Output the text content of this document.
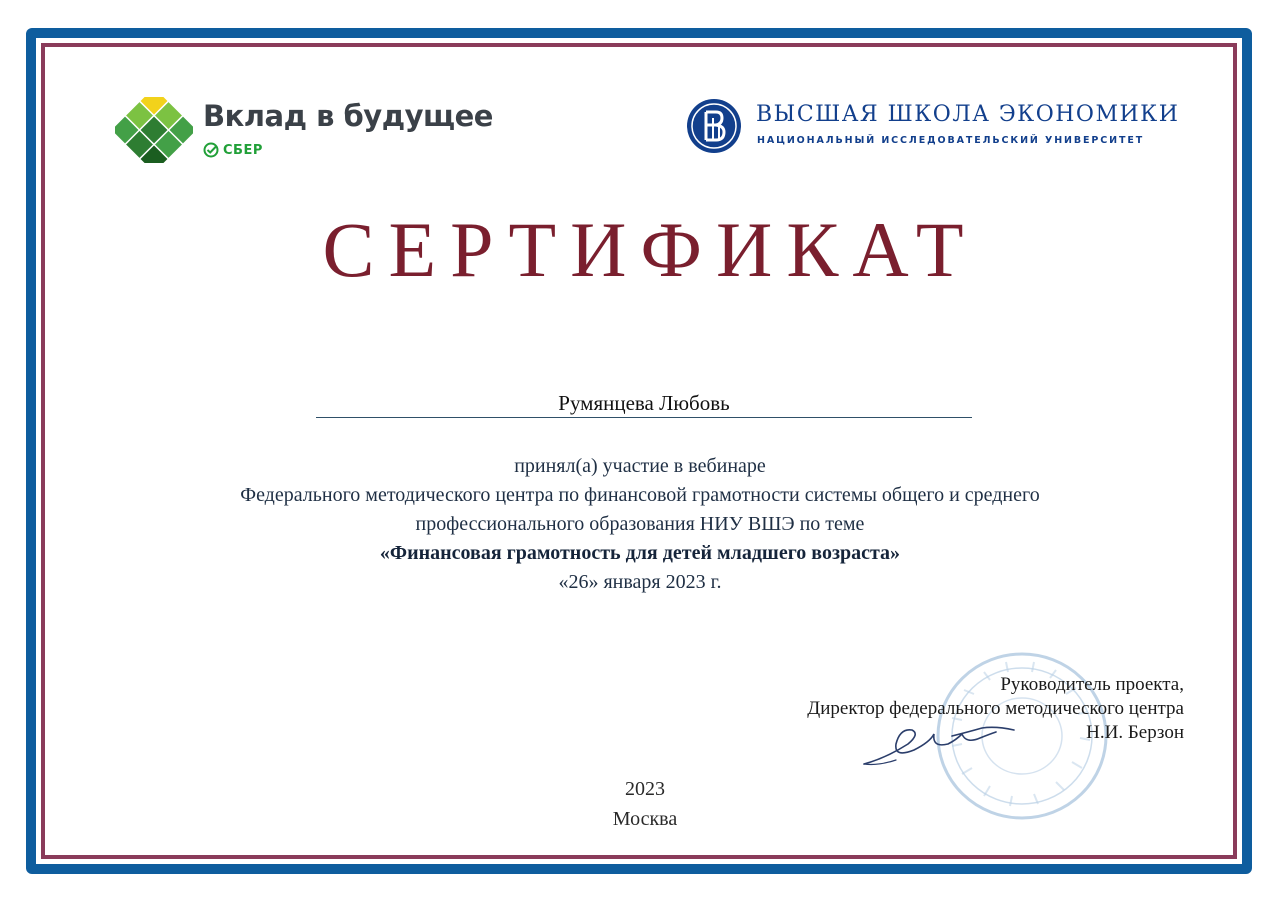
Вклад в будущее
СБЕР
ВЫСШАЯ ШКОЛА ЭКОНОМИКИ
НАЦИОНАЛЬНЫЙ ИССЛЕДОВАТЕЛЬСКИЙ УНИВЕРСИТЕТ
СЕРТИФИКАТ
Румянцева Любовь
принял(а) участие в вебинаре
Федерального методического центра по финансовой грамотности системы общего и среднего
профессионального образования НИУ ВШЭ по теме
«Финансовая грамотность для детей младшего возраста»
«26» января 2023 г.
Руководитель проекта,
Директор федерального методического центра
Н.И. Берзон
2023
Москва
